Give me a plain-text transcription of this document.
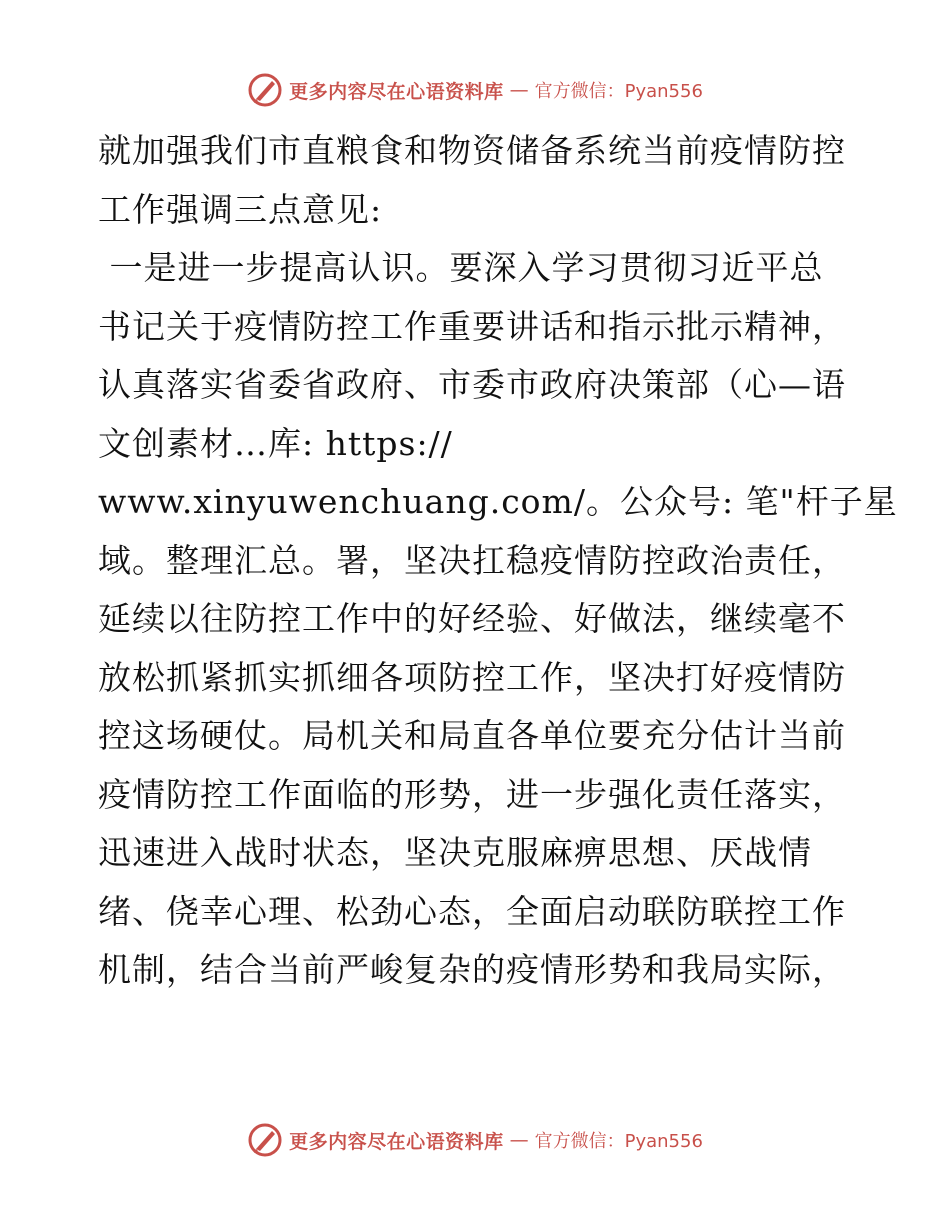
更多内容尽在心语资料库 — 官方微信：Pyan556
就加强我们市直粮食和物资储备系统当前疫情防控
工作强调三点意见:
一是进一步提高认识。要深入学习贯彻习近平总
书记关于疫情防控工作重要讲话和指示批示精神，
认真落实省委省政府、市委市政府决策部（心—语
文创素材…库: https://
www.xinyuwenchuang.com/。公众号: 笔"杆子星
域。整理汇总。署，坚决扛稳疫情防控政治责任，
延续以往防控工作中的好经验、好做法，继续毫不
放松抓紧抓实抓细各项防控工作，坚决打好疫情防
控这场硬仗。局机关和局直各单位要充分估计当前
疫情防控工作面临的形势，进一步强化责任落实，
迅速进入战时状态，坚决克服麻痹思想、厌战情
绪、侥幸心理、松劲心态，全面启动联防联控工作
机制，结合当前严峻复杂的疫情形势和我局实际，
更多内容尽在心语资料库 — 官方微信：Pyan556
